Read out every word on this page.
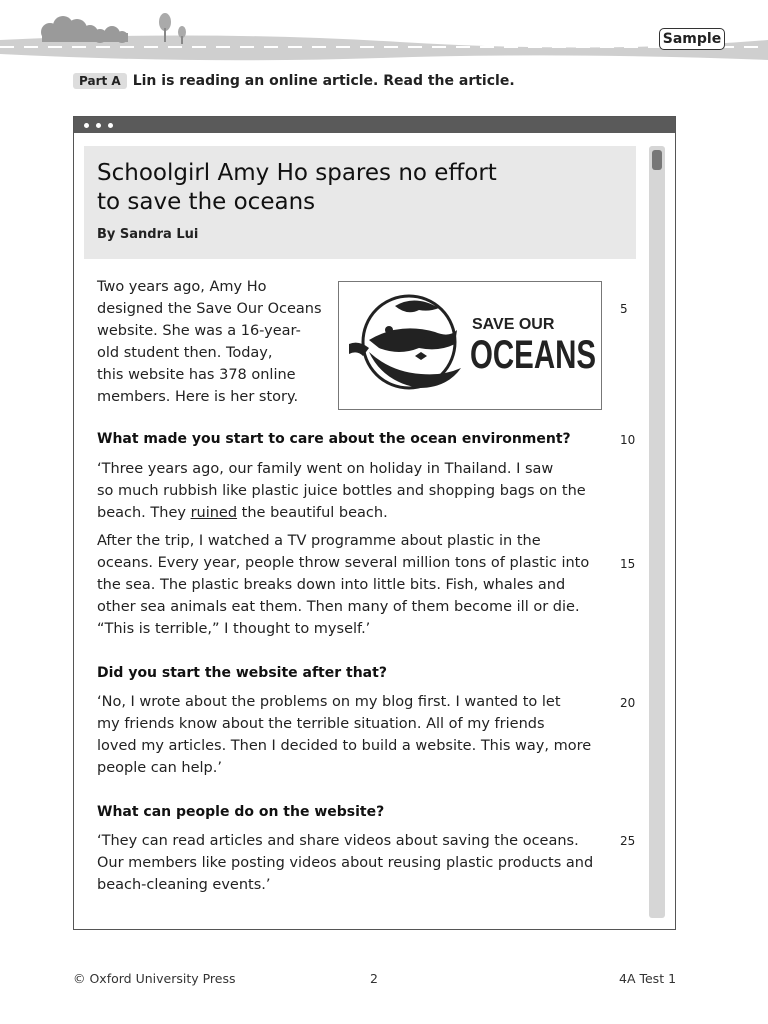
Sample
Part A Lin is reading an online article. Read the article.
Schoolgirl Amy Ho spares no effort
to save the oceans
By Sandra Lui
Two years ago, Amy Ho
designed the Save Our Oceans
website. She was a 16-year-
old student then. Today,
this website has 378 online
members. Here is her story.
SAVE OUR
OCEANS
5

What made you start to care about the ocean environment?	10
‘Three years ago, our family went on holiday in Thailand. I saw
so much rubbish like plastic juice bottles and shopping bags on the
beach. They ruined the beautiful beach.
After the trip, I watched a TV programme about plastic in the
oceans. Every year, people throw several million tons of plastic into
the sea. The plastic breaks down into little bits. Fish, whales and
other sea animals eat them. Then many of them become ill or die.
“This is terrible,” I thought to myself.’
15

Did you start the website after that?

‘No, I wrote about the problems on my blog first. I wanted to let
my friends know about the terrible situation. All of my friends
loved my articles. Then I decided to build a website. This way, more
people can help.’
20

What can people do on the website?

‘They can read articles and share videos about saving the oceans.
Our members like posting videos about reusing plastic products and
beach-cleaning events.’
25
© Oxford University Press	2	4A Test 1
